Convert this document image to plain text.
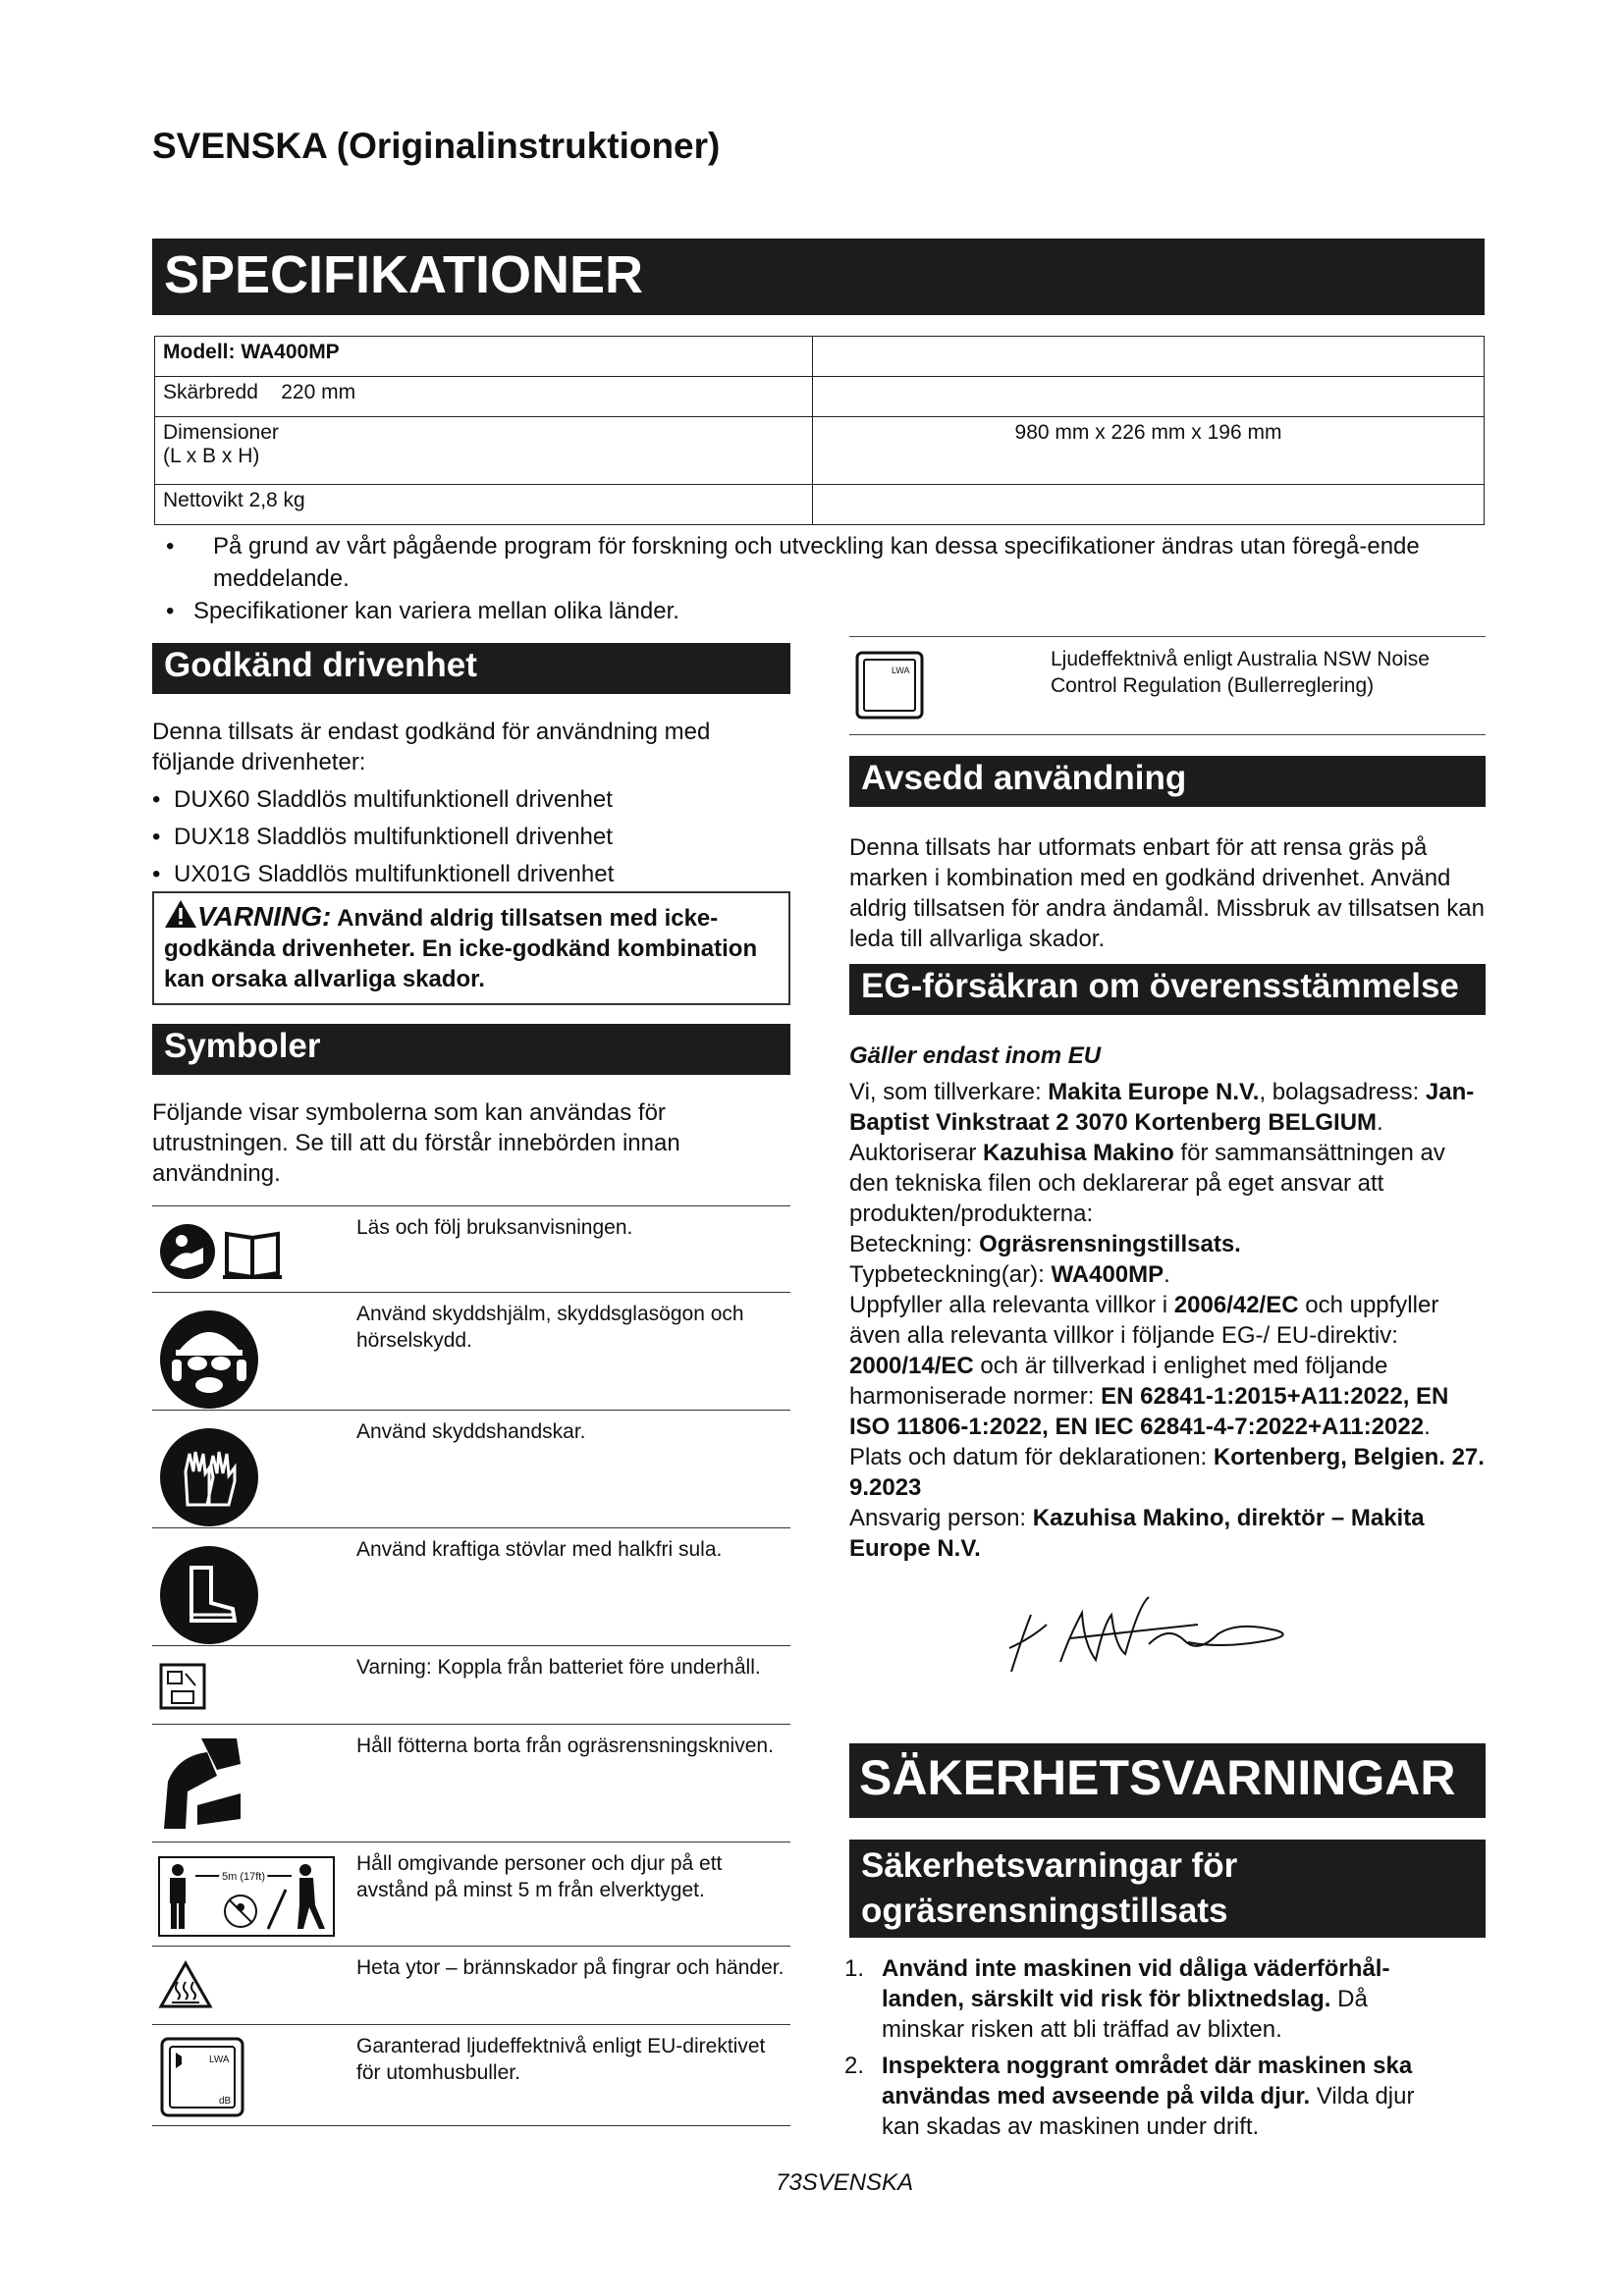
SVENSKA (Originalinstruktioner)
SPECIFIKATIONER
Modell: WA400MP	
Skärbredd    220 mm	

Dimensioner
(L x B x H)	980 mm x 226 mm x 196 mm
Nettovikt 2,8 kg	
• På grund av vårt pågående program för forskning och utveckling kan dessa specifikationer ändras utan föregå-ende meddelande.
• Specifikationer kan variera mellan olika länder.
Godkänd drivenhet
Denna tillsats är endast godkänd för användning med följande drivenheter:
• DUX60 Sladdlös multifunktionell drivenhet
• DUX18 Sladdlös multifunktionell drivenhet
• UX01G Sladdlös multifunktionell drivenhet
VARNING: Använd aldrig tillsatsen med icke-godkända drivenheter. En icke-godkänd kombination kan orsaka allvarliga skador.
Symboler
Följande visar symbolerna som kan användas för utrustningen. Se till att du förstår innebörden innan användning.
Läs och följ bruksanvisningen.
Använd skyddshjälm, skyddsglasögon och hörselskydd.
Använd skyddshandskar.
Använd kraftiga stövlar med halkfri sula.
Varning: Koppla från batteriet före underhåll.
Håll fötterna borta från ogräsrensningskniven.
5m (17ft)
Håll omgivande personer och djur på ett avstånd på minst 5 m från elverktyget.
Heta ytor – brännskador på fingrar och händer.
LWA
dB
Garanterad ljudeffektnivå enligt EU-direktivet för utomhusbuller.
LWA	Ljudeffektnivå enligt Australia NSW Noise Control Regulation (Bullerreglering)
Avsedd användning
Denna tillsats har utformats enbart för att rensa gräs på marken i kombination med en godkänd drivenhet. Använd aldrig tillsatsen för andra ändamål. Missbruk av tillsatsen kan leda till allvarliga skador.
EG-försäkran om överensstämmelse
Gäller endast inom EU
Vi, som tillverkare: Makita Europe N.V., bolagsadress: Jan-Baptist Vinkstraat 2 3070 Kortenberg BELGIUM. Auktoriserar Kazuhisa Makino för sammansättningen av den tekniska filen och deklarerar på eget ansvar att produkten/produkterna:
Beteckning: Ogräsrensningstillsats.
Typbeteckning(ar): WA400MP.
Uppfyller alla relevanta villkor i 2006/42/EC och uppfyller även alla relevanta villkor i följande EG-/ EU-direktiv: 2000/14/EC och är tillverkad i enlighet med följande harmoniserade normer: EN 62841-1:2015+A11:2022, EN ISO 11806-1:2022, EN IEC 62841-4-7:2022+A11:2022.
Plats och datum för deklarationen: Kortenberg, Belgien. 27. 9.2023
Ansvarig person: Kazuhisa Makino, direktör – Makita Europe N.V.
SÄKERHETSVARNINGAR
Säkerhetsvarningar för
ogräsrensningstillsats
1. Använd inte maskinen vid dåliga väderförhål-landen, särskilt vid risk för blixtnedslag. Då minskar risken att bli träffad av blixten.
2. Inspektera noggrant området där maskinen ska användas med avseende på vilda djur. Vilda djur kan skadas av maskinen under drift.
73SVENSKA
